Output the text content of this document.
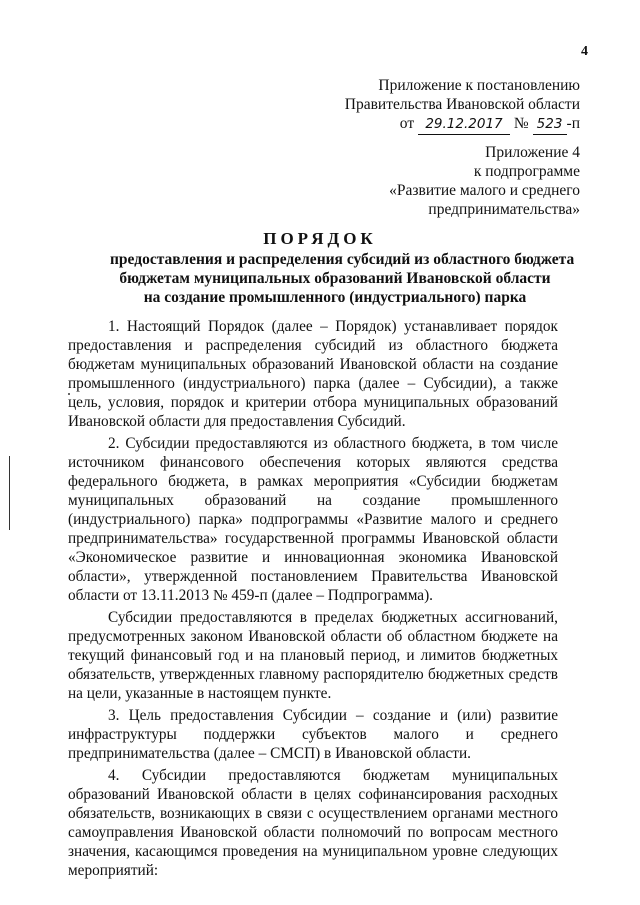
4
Приложение к постановлению
Правительства Ивановской области
от 29.12.2017 № 523 -п
Приложение 4
к подпрограмме
«Развитие малого и среднего
предпринимательства»
ПОРЯДОК
предоставления и распределения субсидий из областного бюджета
бюджетам муниципальных образований Ивановской области
на создание промышленного (индустриального) парка

1. Настоящий Порядок (далее – Порядок) устанавливает порядок предоставления и распределения субсидий из областного бюджета бюджетам муниципальных образований Ивановской области на создание промышленного (индустриального) парка (далее – Субсидии), а также цель, условия, порядок и критерии отбора муниципальных образований Ивановской области для предоставления Субсидий.

2. Субсидии предоставляются из областного бюджета, в том числе источником финансового обеспечения которых являются средства федерального бюджета, в рамках мероприятия «Субсидии бюджетам муниципальных образований на создание промышленного (индустриального) парка» подпрограммы «Развитие малого и среднего предпринимательства» государственной программы Ивановской области «Экономическое развитие и инновационная экономика Ивановской области», утвержденной постановлением Правительства Ивановской области от 13.11.2013 № 459-п (далее – Подпрограмма).

Субсидии предоставляются в пределах бюджетных ассигнований, предусмотренных законом Ивановской области об областном бюджете на текущий финансовый год и на плановый период, и лимитов бюджетных обязательств, утвержденных главному распорядителю бюджетных средств на цели, указанные в настоящем пункте.

3. Цель предоставления Субсидии – создание и (или) развитие инфраструктуры поддержки субъектов малого и среднего предпринимательства (далее – СМСП) в Ивановской области.

4. Субсидии предоставляются бюджетам муниципальных образований Ивановской области в целях софинансирования расходных обязательств, возникающих в связи с осуществлением органами местного самоуправления Ивановской области полномочий по вопросам местного значения, касающимся проведения на муниципальном уровне следующих мероприятий:
